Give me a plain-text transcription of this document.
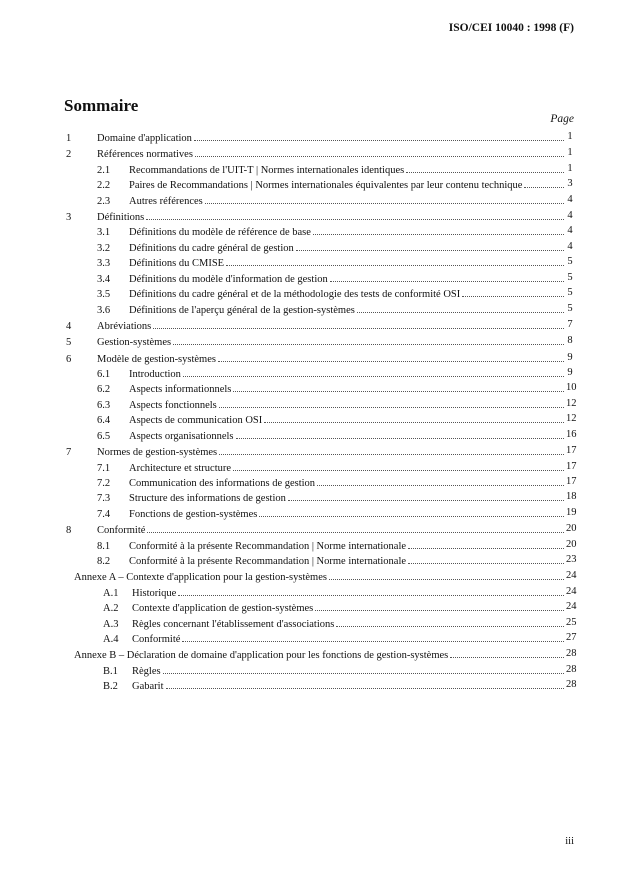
ISO/CEI 10040 : 1998 (F)
Sommaire
Page
1 Domaine d'application	1
2 Références normatives	1
2.1 Recommandations de l'UIT-T | Normes internationales identiques	1
2.2 Paires de Recommandations | Normes internationales équivalentes par leur contenu technique	3
2.3 Autres références	4
3 Définitions	4
3.1 Définitions du modèle de référence de base	4
3.2 Définitions du cadre général de gestion	4
3.3 Définitions du CMISE	5
3.4 Définitions du modèle d'information de gestion	5
3.5 Définitions du cadre général et de la méthodologie des tests de conformité OSI	5
3.6 Définitions de l'aperçu général de la gestion-systèmes	5
4 Abréviations	7
5 Gestion-systèmes	8
6 Modèle de gestion-systèmes	9
6.1 Introduction	9
6.2 Aspects informationnels	10
6.3 Aspects fonctionnels	12
6.4 Aspects de communication OSI	12
6.5 Aspects organisationnels	16
7 Normes de gestion-systèmes	17
7.1 Architecture et structure	17
7.2 Communication des informations de gestion	17
7.3 Structure des informations de gestion	18
7.4 Fonctions de gestion-systèmes	19
8 Conformité	20
8.1 Conformité à la présente Recommandation | Norme internationale	20
8.2 Conformité à la présente Recommandation | Norme internationale	23
Annexe A – Contexte d'application pour la gestion-systèmes	24
A.1 Historique	24
A.2 Contexte d'application de gestion-systèmes	24
A.3 Règles concernant l'établissement d'associations	25
A.4 Conformité	27
Annexe B – Déclaration de domaine d'application pour les fonctions de gestion-systèmes	28
B.1 Règles	28
B.2 Gabarit	28
iii
